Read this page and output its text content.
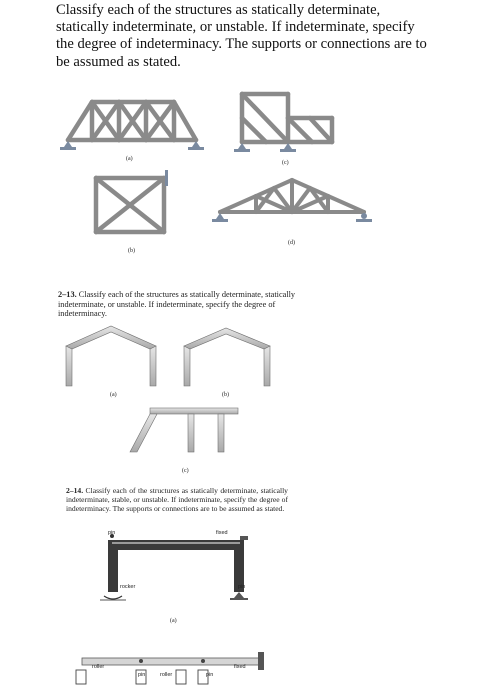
Classify each of the structures as statically determinate, statically indeterminate, or unstable. If indeterminate, specify the degree of indeterminacy. The supports or connections are to be assumed as stated.
(a)
(c)
(b)
(d)
(a)	(b)
(c)
pin	fixed
rocker	pin
(a)
roller
pin	roller	pin
fixed
2–13. Classify each of the structures as statically determinate, statically indeterminate, or unstable. If indeterminate, specify the degree of indeterminacy.
2–14. Classify each of the structures as statically determinate, statically indeterminate, stable, or unstable. If indeterminate, specify the degree of indeterminacy. The supports or connections are to be assumed as stated.
